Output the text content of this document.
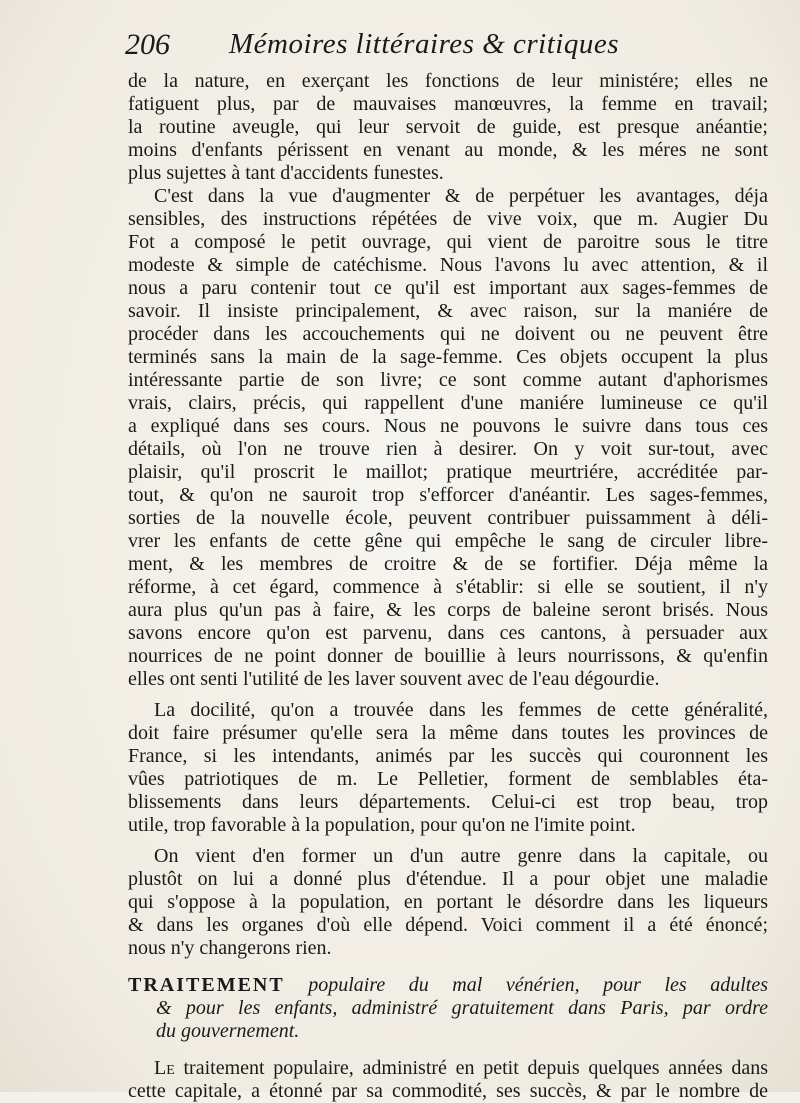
206 Mémoires littéraires & critiques
de la nature, en exerçant les fonctions de leur ministére; elles ne
fatiguent plus, par de mauvaises manœuvres, la femme en travail;
la routine aveugle, qui leur servoit de guide, est presque anéantie;
moins d'enfants périssent en venant au monde, & les méres ne sont
plus sujettes à tant d'accidents funestes.
C'est dans la vue d'augmenter & de perpétuer les avantages, déja
sensibles, des instructions répétées de vive voix, que m. Augier Du
Fot a composé le petit ouvrage, qui vient de paroitre sous le titre
modeste & simple de catéchisme. Nous l'avons lu avec attention, & il
nous a paru contenir tout ce qu'il est important aux sages-femmes de
savoir. Il insiste principalement, & avec raison, sur la maniére de
procéder dans les accouchements qui ne doivent ou ne peuvent être
terminés sans la main de la sage-femme. Ces objets occupent la plus
intéressante partie de son livre; ce sont comme autant d'aphorismes
vrais, clairs, précis, qui rappellent d'une maniére lumineuse ce qu'il
a expliqué dans ses cours. Nous ne pouvons le suivre dans tous ces
détails, où l'on ne trouve rien à desirer. On y voit sur-tout, avec
plaisir, qu'il proscrit le maillot; pratique meurtriére, accréditée par-
tout, & qu'on ne sauroit trop s'efforcer d'anéantir. Les sages-femmes,
sorties de la nouvelle école, peuvent contribuer puissamment à déli-
vrer les enfants de cette gêne qui empêche le sang de circuler libre-
ment, & les membres de croitre & de se fortifier. Déja même la
réforme, à cet égard, commence à s'établir: si elle se soutient, il n'y
aura plus qu'un pas à faire, & les corps de baleine seront brisés. Nous
savons encore qu'on est parvenu, dans ces cantons, à persuader aux
nourrices de ne point donner de bouillie à leurs nourrissons, & qu'enfin
elles ont senti l'utilité de les laver souvent avec de l'eau dégourdie.
La docilité, qu'on a trouvée dans les femmes de cette généralité,
doit faire présumer qu'elle sera la même dans toutes les provinces de
France, si les intendants, animés par les succès qui couronnent les
vûes patriotiques de m. Le Pelletier, forment de semblables éta-
blissements dans leurs départements. Celui-ci est trop beau, trop
utile, trop favorable à la population, pour qu'on ne l'imite point.
On vient d'en former un d'un autre genre dans la capitale, ou
plustôt on lui a donné plus d'étendue. Il a pour objet une maladie
qui s'oppose à la population, en portant le désordre dans les liqueurs
& dans les organes d'où elle dépend. Voici comment il a été énoncé;
nous n'y changerons rien.
TRAITEMENT populaire du mal vénérien, pour les adultes
& pour les enfants, administré gratuitement dans Paris, par ordre
du gouvernement.
Le traitement populaire, administré en petit depuis quelques années dans
cette capitale, a étonné par sa commodité, ses succès, & par le nombre de
